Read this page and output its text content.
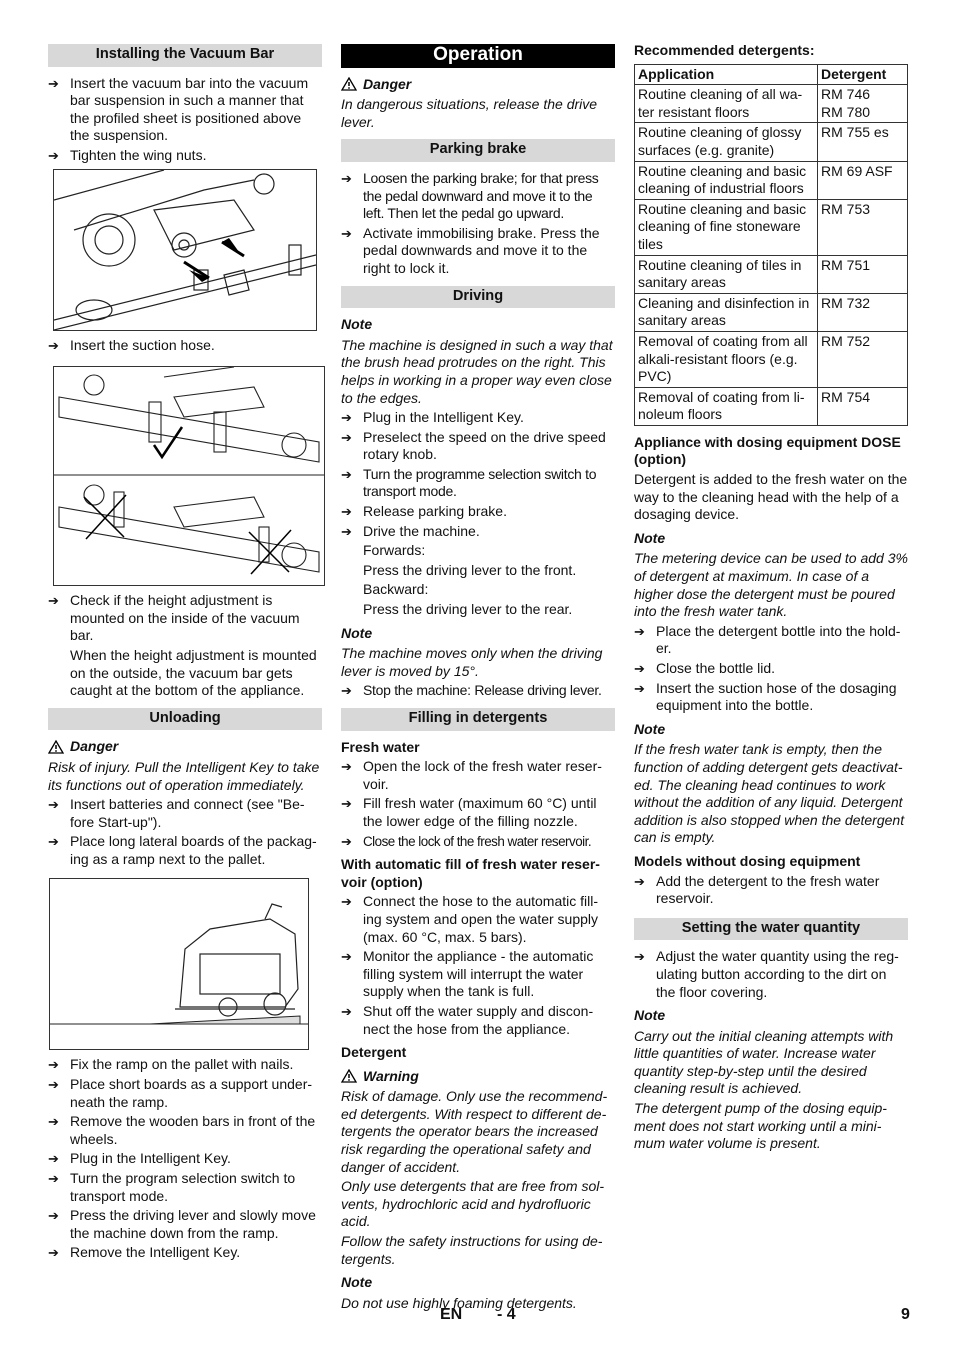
Installing the Vacuum Bar
➔ Insert the vacuum bar into the vacuum bar suspension in such a manner that the profiled sheet is positioned above the suspension.
➔ Tighten the wing nuts.
➔ Insert the suction hose.
➔ Check if the height adjustment is mounted on the inside of the vacuum bar.
When the height adjustment is mounted on the outside, the vacuum bar gets caught at the bottom of the appliance.
Unloading
Danger
Risk of injury. Pull the Intelligent Key to take its functions out of operation immediately.
➔ Insert batteries and connect (see "Be-fore Start-up").
➔ Place long lateral boards of the packag-ing as a ramp next to the pallet.
➔ Fix the ramp on the pallet with nails.
➔ Place short boards as a support under-neath the ramp.
➔ Remove the wooden bars in front of the wheels.
➔ Plug in the Intelligent Key.
➔ Turn the program selection switch to transport mode.
➔ Press the driving lever and slowly move the machine down from the ramp.
➔ Remove the Intelligent Key.
Operation
Danger
In dangerous situations, release the drive lever.
Parking brake
➔ Loosen the parking brake; for that press the pedal downward and move it to the left. Then let the pedal go upward.
➔ Activate immobilising brake. Press the pedal downwards and move it to the right to lock it.
Driving
Note
The machine is designed in such a way that the brush head protrudes on the right. This helps in working in a proper way even close to the edges.
➔ Plug in the Intelligent Key.
➔ Preselect the speed on the drive speed rotary knob.
➔ Turn the programme selection switch to transport mode.
➔ Release parking brake.
➔ Drive the machine.
Forwards:
Press the driving lever to the front.
Backward:
Press the driving lever to the rear.
Note
The machine moves only when the driving lever is moved by 15°.
➔ Stop the machine: Release driving lever.
Filling in detergents
Fresh water
➔ Open the lock of the fresh water reser-voir.
➔ Fill fresh water (maximum 60 °C) until the lower edge of the filling nozzle.
➔ Close the lock of the fresh water reservoir.
With automatic fill of fresh water reser-voir (option)
➔ Connect the hose to the automatic fill-ing system and open the water supply (max. 60 °C, max. 5 bars).
➔ Monitor the appliance - the automatic filling system will interrupt the water supply when the tank is full.
➔ Shut off the water supply and discon-nect the hose from the appliance.
Detergent
Warning
Risk of damage. Only use the recommend-ed detergents. With respect to different de-tergents the operator bears the increased risk regarding the operational safety and danger of accident.
Only use detergents that are free from sol-vents, hydrochloric acid and hydrofluoric acid.
Follow the safety instructions for using de-tergents.
Note
Do not use highly foaming detergents.
Recommended detergents:
Application	Detergent
Routine cleaning of all wa-ter resistant floors	RM 746
RM 780
Routine cleaning of glossy surfaces (e.g. granite)	RM 755 es
Routine cleaning and basic cleaning of industrial floors	RM 69 ASF
Routine cleaning and basic cleaning of fine stoneware tiles	RM 753
Routine cleaning of tiles in sanitary areas	RM 751
Cleaning and disinfection in sanitary areas	RM 732
Removal of coating from all alkali-resistant floors (e.g. PVC)	RM 752
Removal of coating from li-noleum floors	RM 754
Appliance with dosing equipment DOSE (option)
Detergent is added to the fresh water on the way to the cleaning head with the help of a dosaging device.
Note
The metering device can be used to add 3% of detergent at maximum. In case of a higher dose the detergent must be poured into the fresh water tank.
➔ Place the detergent bottle into the hold-er.
➔ Close the bottle lid.
➔ Insert the suction hose of the dosaging equipment into the bottle.
Note
If the fresh water tank is empty, then the function of adding detergent gets deactivat-ed. The cleaning head continues to work without the addition of any liquid. Detergent addition is also stopped when the detergent can is empty.
Models without dosing equipment
➔ Add the detergent to the fresh water reservoir.
Setting the water quantity
➔ Adjust the water quantity using the reg-ulating button according to the dirt on the floor covering.
Note
Carry out the initial cleaning attempts with little quantities of water. Increase water quantity step-by-step until the desired cleaning result is achieved.
The detergent pump of the dosing equip-ment does not start working until a mini-mum water volume is present.
EN - 4	9
